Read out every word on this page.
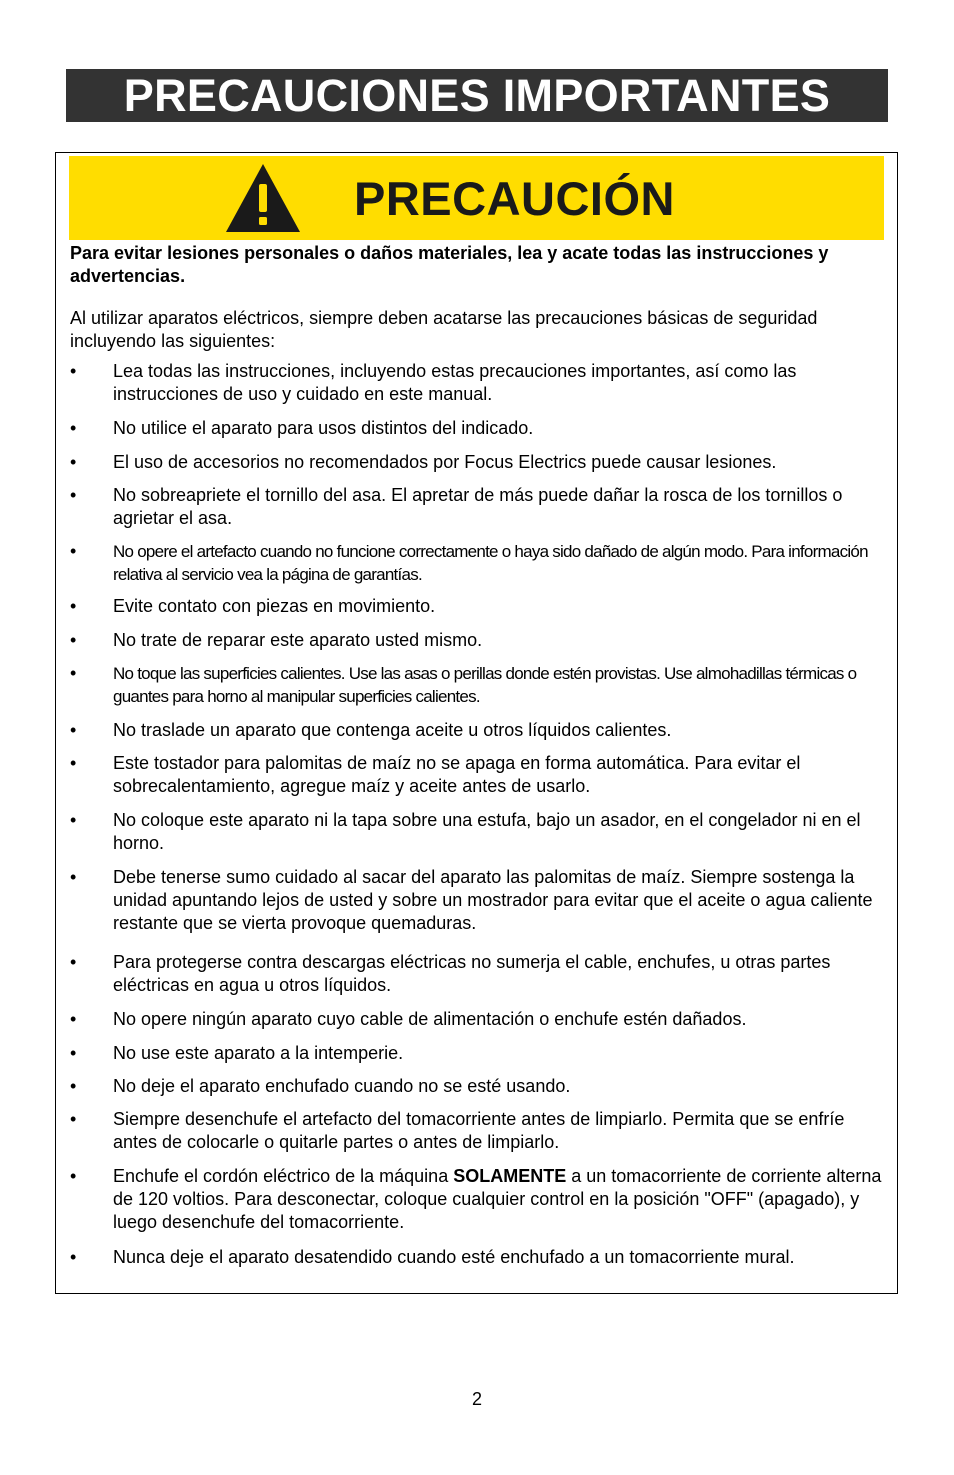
PRECAUCIONES IMPORTANTES
PRECAUCIÓN
Para evitar lesiones personales o daños materiales, lea y acate todas las instrucciones y advertencias.
Al utilizar aparatos eléctricos, siempre deben acatarse las precauciones básicas de seguridad incluyendo las siguientes:
•	Lea todas las instrucciones, incluyendo estas precauciones importantes, así como las instrucciones de uso y cuidado en este manual.
•	No utilice el aparato para usos distintos del indicado.
•	El uso de accesorios no recomendados por Focus Electrics puede causar lesiones.
•	No sobreapriete el tornillo del asa. El apretar de más puede dañar la rosca de los tornillos o agrietar el asa.
•	No opere el artefacto cuando no funcione correctamente o haya sido dañado de algún modo. Para información relativa al servicio vea la página de garantías.
•	Evite contato con piezas en movimiento.
•	No trate de reparar este aparato usted mismo.
•	No toque las superficies calientes. Use las asas o perillas donde estén provistas. Use almohadillas térmicas o guantes para horno al manipular superficies calientes.
•	No traslade un aparato que contenga aceite u otros líquidos calientes.
•	Este tostador para palomitas de maíz no se apaga en forma automática. Para evitar el sobrecalentamiento, agregue maíz y aceite antes de usarlo.
•	No coloque este aparato ni la tapa sobre una estufa, bajo un asador, en el congelador ni en el horno.
•	Debe tenerse sumo cuidado al sacar del aparato las palomitas de maíz. Siempre sostenga la unidad apuntando lejos de usted y sobre un mostrador para evitar que el aceite o agua caliente restante que se vierta provoque quemaduras.
•	Para protegerse contra descargas eléctricas no sumerja el cable, enchufes, u otras partes eléctricas en agua u otros líquidos.
•	No opere ningún aparato cuyo cable de alimentación o enchufe estén dañados.
•	No use este aparato a la intemperie.
•	No deje el aparato enchufado cuando no se esté usando.
•	Siempre desenchufe el artefacto del tomacorriente antes de limpiarlo. Permita que se enfríe antes de colocarle o quitarle partes o antes de limpiarlo.
•	Enchufe el cordón eléctrico de la máquina SOLAMENTE a un tomacorriente de corriente alterna de 120 voltios. Para desconectar, coloque cualquier control en la posición "OFF" (apagado), y luego desenchufe del tomacorriente.
•	Nunca deje el aparato desatendido cuando esté enchufado a un tomacorriente mural.
2
